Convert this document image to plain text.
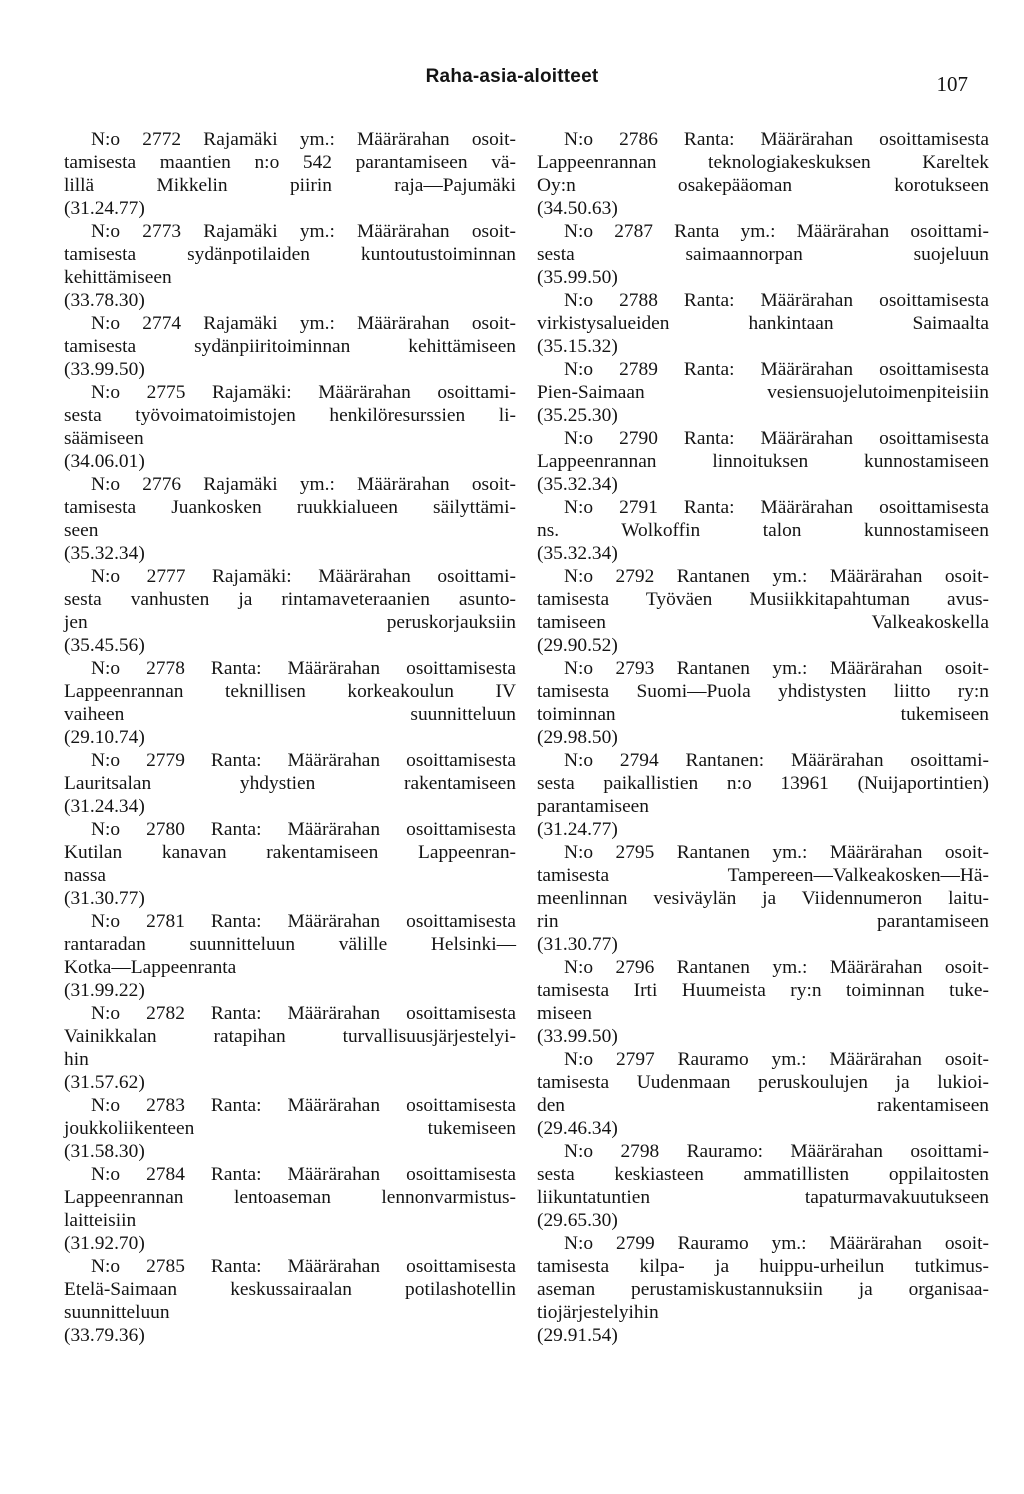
Raha-asia-aloitteet	107

N:o 2772 Rajamäki ym.: Määrärahan osoit-
tamisesta maantien n:o 542 parantamiseen vä-
lillä Mikkelin piirin raja—Pajumäki
(31.24.77)

N:o 2773 Rajamäki ym.: Määrärahan osoit-
tamisesta sydänpotilaiden kuntoutustoiminnan
kehittämiseen
(33.78.30)

N:o 2774 Rajamäki ym.: Määrärahan osoit-
tamisesta sydänpiiritoiminnan kehittämiseen
(33.99.50)

N:o 2775 Rajamäki: Määrärahan osoittami-
sesta työvoimatoimistojen henkilöresurssien li-
säämiseen
(34.06.01)

N:o 2776 Rajamäki ym.: Määrärahan osoit-
tamisesta Juankosken ruukkialueen säilyttämi-
seen
(35.32.34)

N:o 2777 Rajamäki: Määrärahan osoittami-
sesta vanhusten ja rintamaveteraanien asunto-
jen peruskorjauksiin
(35.45.56)

N:o 2778 Ranta: Määrärahan osoittamisesta
Lappeenrannan teknillisen korkeakoulun IV
vaiheen suunnitteluun
(29.10.74)

N:o 2779 Ranta: Määrärahan osoittamisesta
Lauritsalan yhdystien rakentamiseen
(31.24.34)

N:o 2780 Ranta: Määrärahan osoittamisesta
Kutilan kanavan rakentamiseen Lappeenran-
nassa
(31.30.77)

N:o 2781 Ranta: Määrärahan osoittamisesta
rantaradan suunnitteluun välille Helsinki—
Kotka—Lappeenranta
(31.99.22)

N:o 2782 Ranta: Määrärahan osoittamisesta
Vainikkalan ratapihan turvallisuusjärjestelyi-
hin
(31.57.62)

N:o 2783 Ranta: Määrärahan osoittamisesta
joukkoliikenteen tukemiseen
(31.58.30)

N:o 2784 Ranta: Määrärahan osoittamisesta
Lappeenrannan lentoaseman lennonvarmistus-
laitteisiin
(31.92.70)

N:o 2785 Ranta: Määrärahan osoittamisesta
Etelä-Saimaan keskussairaalan potilashotellin
suunnitteluun
(33.79.36)

N:o 2786 Ranta: Määrärahan osoittamisesta
Lappeenrannan teknologiakeskuksen Kareltek
Oy:n osakepääoman korotukseen
(34.50.63)

N:o 2787 Ranta ym.: Määrärahan osoittami-
sesta saimaannorpan suojeluun
(35.99.50)

N:o 2788 Ranta: Määrärahan osoittamisesta
virkistysalueiden hankintaan Saimaalta
(35.15.32)

N:o 2789 Ranta: Määrärahan osoittamisesta
Pien-Saimaan vesiensuojelutoimenpiteisiin
(35.25.30)

N:o 2790 Ranta: Määrärahan osoittamisesta
Lappeenrannan linnoituksen kunnostamiseen
(35.32.34)

N:o 2791 Ranta: Määrärahan osoittamisesta
ns. Wolkoffin talon kunnostamiseen
(35.32.34)

N:o 2792 Rantanen ym.: Määrärahan osoit-
tamisesta Työväen Musiikkitapahtuman avus-
tamiseen Valkeakoskella
(29.90.52)

N:o 2793 Rantanen ym.: Määrärahan osoit-
tamisesta Suomi—Puola yhdistysten liitto ry:n
toiminnan tukemiseen
(29.98.50)

N:o 2794 Rantanen: Määrärahan osoittami-
sesta paikallistien n:o 13961 (Nuijaportintien)
parantamiseen
(31.24.77)

N:o 2795 Rantanen ym.: Määrärahan osoit-
tamisesta Tampereen—Valkeakosken—Hä-
meenlinnan vesiväylän ja Viidennumeron laitu-
rin parantamiseen
(31.30.77)

N:o 2796 Rantanen ym.: Määrärahan osoit-
tamisesta Irti Huumeista ry:n toiminnan tuke-
miseen
(33.99.50)

N:o 2797 Rauramo ym.: Määrärahan osoit-
tamisesta Uudenmaan peruskoulujen ja lukioi-
den rakentamiseen
(29.46.34)

N:o 2798 Rauramo: Määrärahan osoittami-
sesta keskiasteen ammatillisten oppilaitosten
liikuntatuntien tapaturmavakuutukseen
(29.65.30)

N:o 2799 Rauramo ym.: Määrärahan osoit-
tamisesta kilpa- ja huippu-urheilun tutkimus-
aseman perustamiskustannuksiin ja organisaa-
tiojärjestelyihin
(29.91.54)
